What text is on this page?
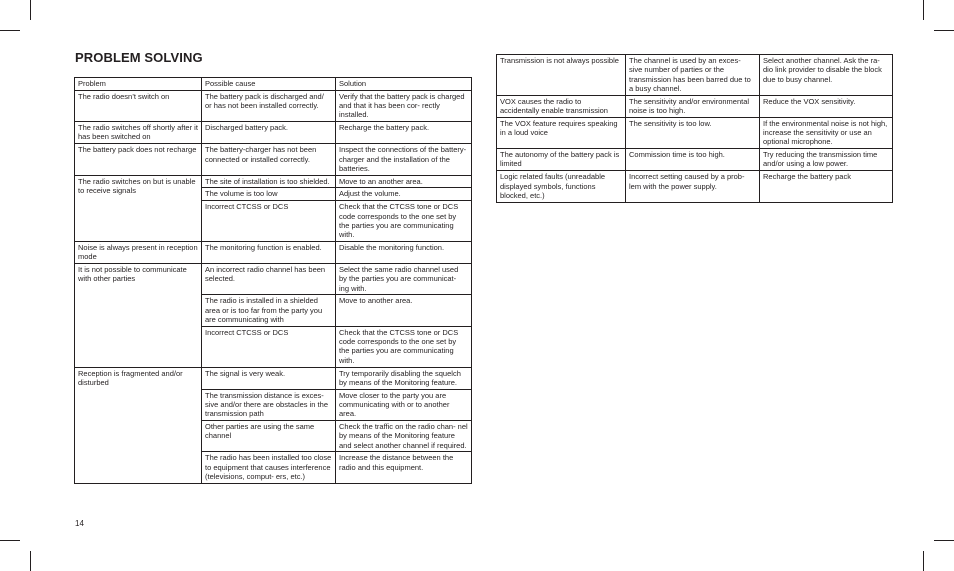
PROBLEM SOLVING
Problem	Possible cause	Solution
The radio doesn’t switch on	The battery pack is discharged and/ or has not been installed correctly.	Verify that the battery pack is charged and that it has been cor- rectly installed.
The radio switches off shortly after it has been switched on	Discharged battery pack.	Recharge the battery pack.
The battery pack does not recharge	The battery-charger has not been connected or installed correctly.	Inspect the connections of the battery-charger and the installation of the batteries.
The radio switches on but is unable to receive signals	The site of installation is too shielded.	Move to an another area.
	The volume is too low	Adjust the volume.
	Incorrect CTCSS or DCS	Check that the CTCSS tone or DCS code corresponds to the one set by the parties you are communicating with.
Noise is always present in reception mode	The monitoring function is enabled.	Disable the monitoring function.
It is not possible to communicate with other parties	An incorrect radio channel has been selected.	Select the same radio channel used by the parties you are communicat- ing with.
	The radio is installed in a shielded area or is too far from the party you are communicating with	Move to another area.
	Incorrect CTCSS or DCS	Check that the CTCSS tone or DCS code corresponds to the one set by the parties you are communicating with.
Reception is fragmented and/or disturbed	The signal is very weak.	Try temporarily disabling the squelch by means of the Monitoring feature.
	The transmission distance is exces- sive and/or there are obstacles in the transmission path	Move closer to the party you are communicating with or to another area.
	Other parties are using the same channel	Check the traffic on the radio chan- nel by means of the Monitoring feature and select another channel if required.
	The radio has been installed too close to equipment that causes interference (televisions, comput- ers, etc.)	Increase the distance between the radio and this equipment.
Transmission is not always possible	The channel is used by an exces- sive number of parties or the transmission has been barred due to a busy channel.	Select another channel. Ask the ra- dio link provider to disable the block due to busy channel.
VOX causes the radio to accidentally enable transmission	The sensitivity and/or environmental noise is too high.	Reduce the VOX sensitivity.
The VOX feature requires speaking in a loud voice	The sensitivity is too low.	If the environmental noise is not high, increase the sensitivity or use an optional microphone.
The autonomy of the battery pack is limited	Commission time is too high.	Try reducing the transmission time and/or using a low power.
Logic related faults (unreadable displayed symbols, functions blocked, etc.)	Incorrect setting caused by a prob- lem with the power supply.	Recharge the battery pack
14
